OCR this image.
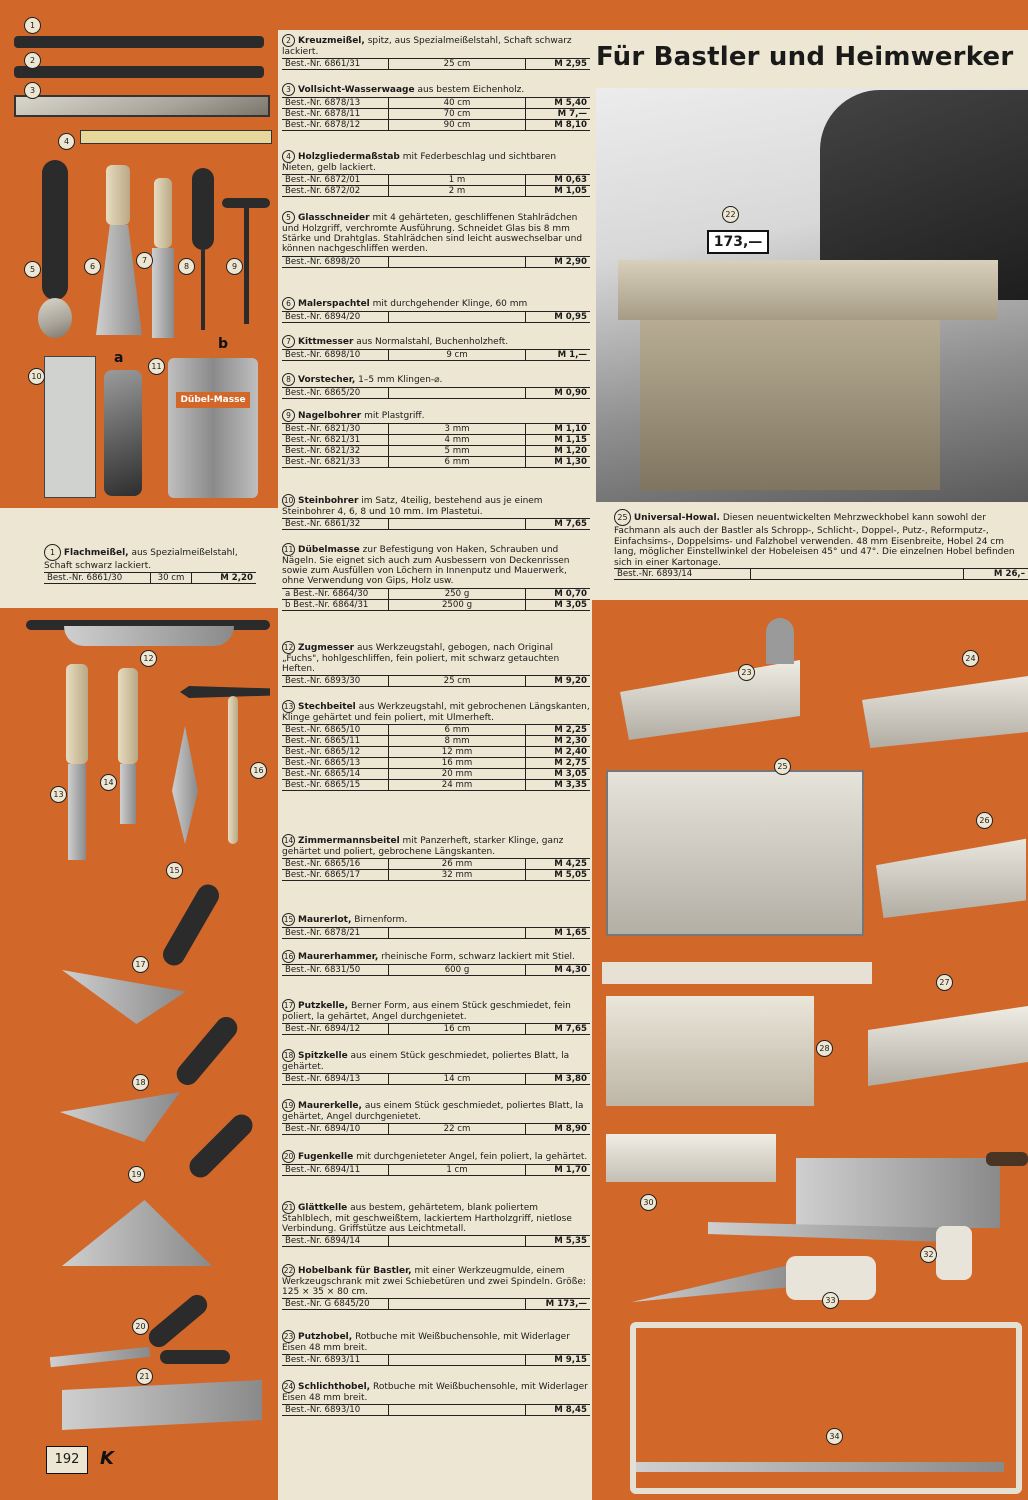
Dübel-Masse
1
2
3
4
5	6
7
8	9
10
a
11
b
1 Flachmeißel, aus Spezialmeißelstahl, Schaft schwarz lackiert.
Best.-Nr. 6861/30	30 cm	M 2,20
12
13
14
15
16
17
18
19
20
21
192	K
Für Bastler und Heimwerker
22
173,—
25 Universal-Howal. Diesen neuentwickelten Mehrzweckhobel kann sowohl der Fachmann als auch der Bastler als Schropp-, Schlicht-, Doppel-, Putz-, Reformputz-, Einfachsims-, Doppelsims- und Falzhobel verwenden. 48 mm Eisenbreite, Hobel 24 cm lang, möglicher Einstellwinkel der Hobeleisen 45° und 47°. Die einzelnen Hobel befinden sich in einer Kartonage.
Best.-Nr. 6893/14		M 26,–
23
24
25
26
27
28
30
32
33
34
2 Kreuzmeißel, spitz, aus Spezialmeißelstahl, Schaft schwarz lackiert.
Best.-Nr. 6861/31	25 cm	M 2,95
3 Vollsicht-Wasserwaage aus bestem Eichenholz.
Best.-Nr. 6878/13	40 cm	M 5,40
Best.-Nr. 6878/11	70 cm	M 7,—
Best.-Nr. 6878/12	90 cm	M 8,10
4 Holzgliedermaßstab mit Federbeschlag und sichtbaren Nieten, gelb lackiert.
Best.-Nr. 6872/01	1 m	M 0,63
Best.-Nr. 6872/02	2 m	M 1,05
5 Glasschneider mit 4 gehärteten, geschliffenen Stahlrädchen und Holzgriff, verchromte Ausführung. Schneidet Glas bis 8 mm Stärke und Drahtglas. Stahlrädchen sind leicht auswechselbar und können nachgeschliffen werden.
Best.-Nr. 6898/20		M 2,90
6 Malerspachtel mit durchgehender Klinge, 60 mm
Best.-Nr. 6894/20		M 0,95
7 Kittmesser aus Normalstahl, Buchenholzheft.
Best.-Nr. 6898/10	9 cm	M 1,—
8 Vorstecher, 1–5 mm Klingen-⌀.
Best.-Nr. 6865/20		M 0,90
9 Nagelbohrer mit Plastgriff.
Best.-Nr. 6821/30	3 mm	M 1,10
Best.-Nr. 6821/31	4 mm	M 1,15
Best.-Nr. 6821/32	5 mm	M 1,20
Best.-Nr. 6821/33	6 mm	M 1,30
10 Steinbohrer im Satz, 4teilig, bestehend aus je einem Steinbohrer 4, 6, 8 und 10 mm. Im Plastetui.
Best.-Nr. 6861/32		M 7,65
11 Dübelmasse zur Befestigung von Haken, Schrauben und Nägeln. Sie eignet sich auch zum Ausbessern von Deckenrissen sowie zum Ausfüllen von Löchern in Innenputz und Mauerwerk, ohne Verwendung von Gips, Holz usw.
a Best.-Nr. 6864/30	250 g	M 0,70
b Best.-Nr. 6864/31	2500 g	M 3,05
12 Zugmesser aus Werkzeugstahl, gebogen, nach Original „Fuchs", hohlgeschliffen, fein poliert, mit schwarz getauchten Heften.
Best.-Nr. 6893/30	25 cm	M 9,20
13 Stechbeitel aus Werkzeugstahl, mit gebrochenen Längskanten, Klinge gehärtet und fein poliert, mit Ulmerheft.
Best.-Nr. 6865/10	6 mm	M 2,25
Best.-Nr. 6865/11	8 mm	M 2,30
Best.-Nr. 6865/12	12 mm	M 2,40
Best.-Nr. 6865/13	16 mm	M 2,75
Best.-Nr. 6865/14	20 mm	M 3,05
Best.-Nr. 6865/15	24 mm	M 3,35
14 Zimmermannsbeitel mit Panzerheft, starker Klinge, ganz gehärtet und poliert, gebrochene Längskanten.
Best.-Nr. 6865/16	26 mm	M 4,25
Best.-Nr. 6865/17	32 mm	M 5,05
15 Maurerlot, Birnenform.
Best.-Nr. 6878/21		M 1,65
16 Maurerhammer, rheinische Form, schwarz lackiert mit Stiel.
Best.-Nr. 6831/50	600 g	M 4,30
17 Putzkelle, Berner Form, aus einem Stück geschmiedet, fein poliert, la gehärtet, Angel durchgenietet.
Best.-Nr. 6894/12	16 cm	M 7,65
18 Spitzkelle aus einem Stück geschmiedet, poliertes Blatt, la gehärtet.
Best.-Nr. 6894/13	14 cm	M 3,80
19 Maurerkelle, aus einem Stück geschmiedet, poliertes Blatt, la gehärtet, Angel durchgenietet.
Best.-Nr. 6894/10	22 cm	M 8,90
20 Fugenkelle mit durchgenieteter Angel, fein poliert, la gehärtet.
Best.-Nr. 6894/11	1 cm	M 1,70
21 Glättkelle aus bestem, gehärtetem, blank poliertem Stahlblech, mit geschweißtem, lackiertem Hartholzgriff, nietlose Verbindung. Griffstütze aus Leichtmetall.
Best.-Nr. 6894/14		M 5,35
22 Hobelbank für Bastler, mit einer Werkzeugmulde, einem Werkzeugschrank mit zwei Schiebetüren und zwei Spindeln. Größe: 125 × 35 × 80 cm.
Best.-Nr. G 6845/20		M 173,—
23 Putzhobel, Rotbuche mit Weißbuchensohle, mit Widerlager Eisen 48 mm breit.
Best.-Nr. 6893/11		M 9,15
24 Schlichthobel, Rotbuche mit Weißbuchensohle, mit Widerlager Eisen 48 mm breit.
Best.-Nr. 6893/10		M 8,45
